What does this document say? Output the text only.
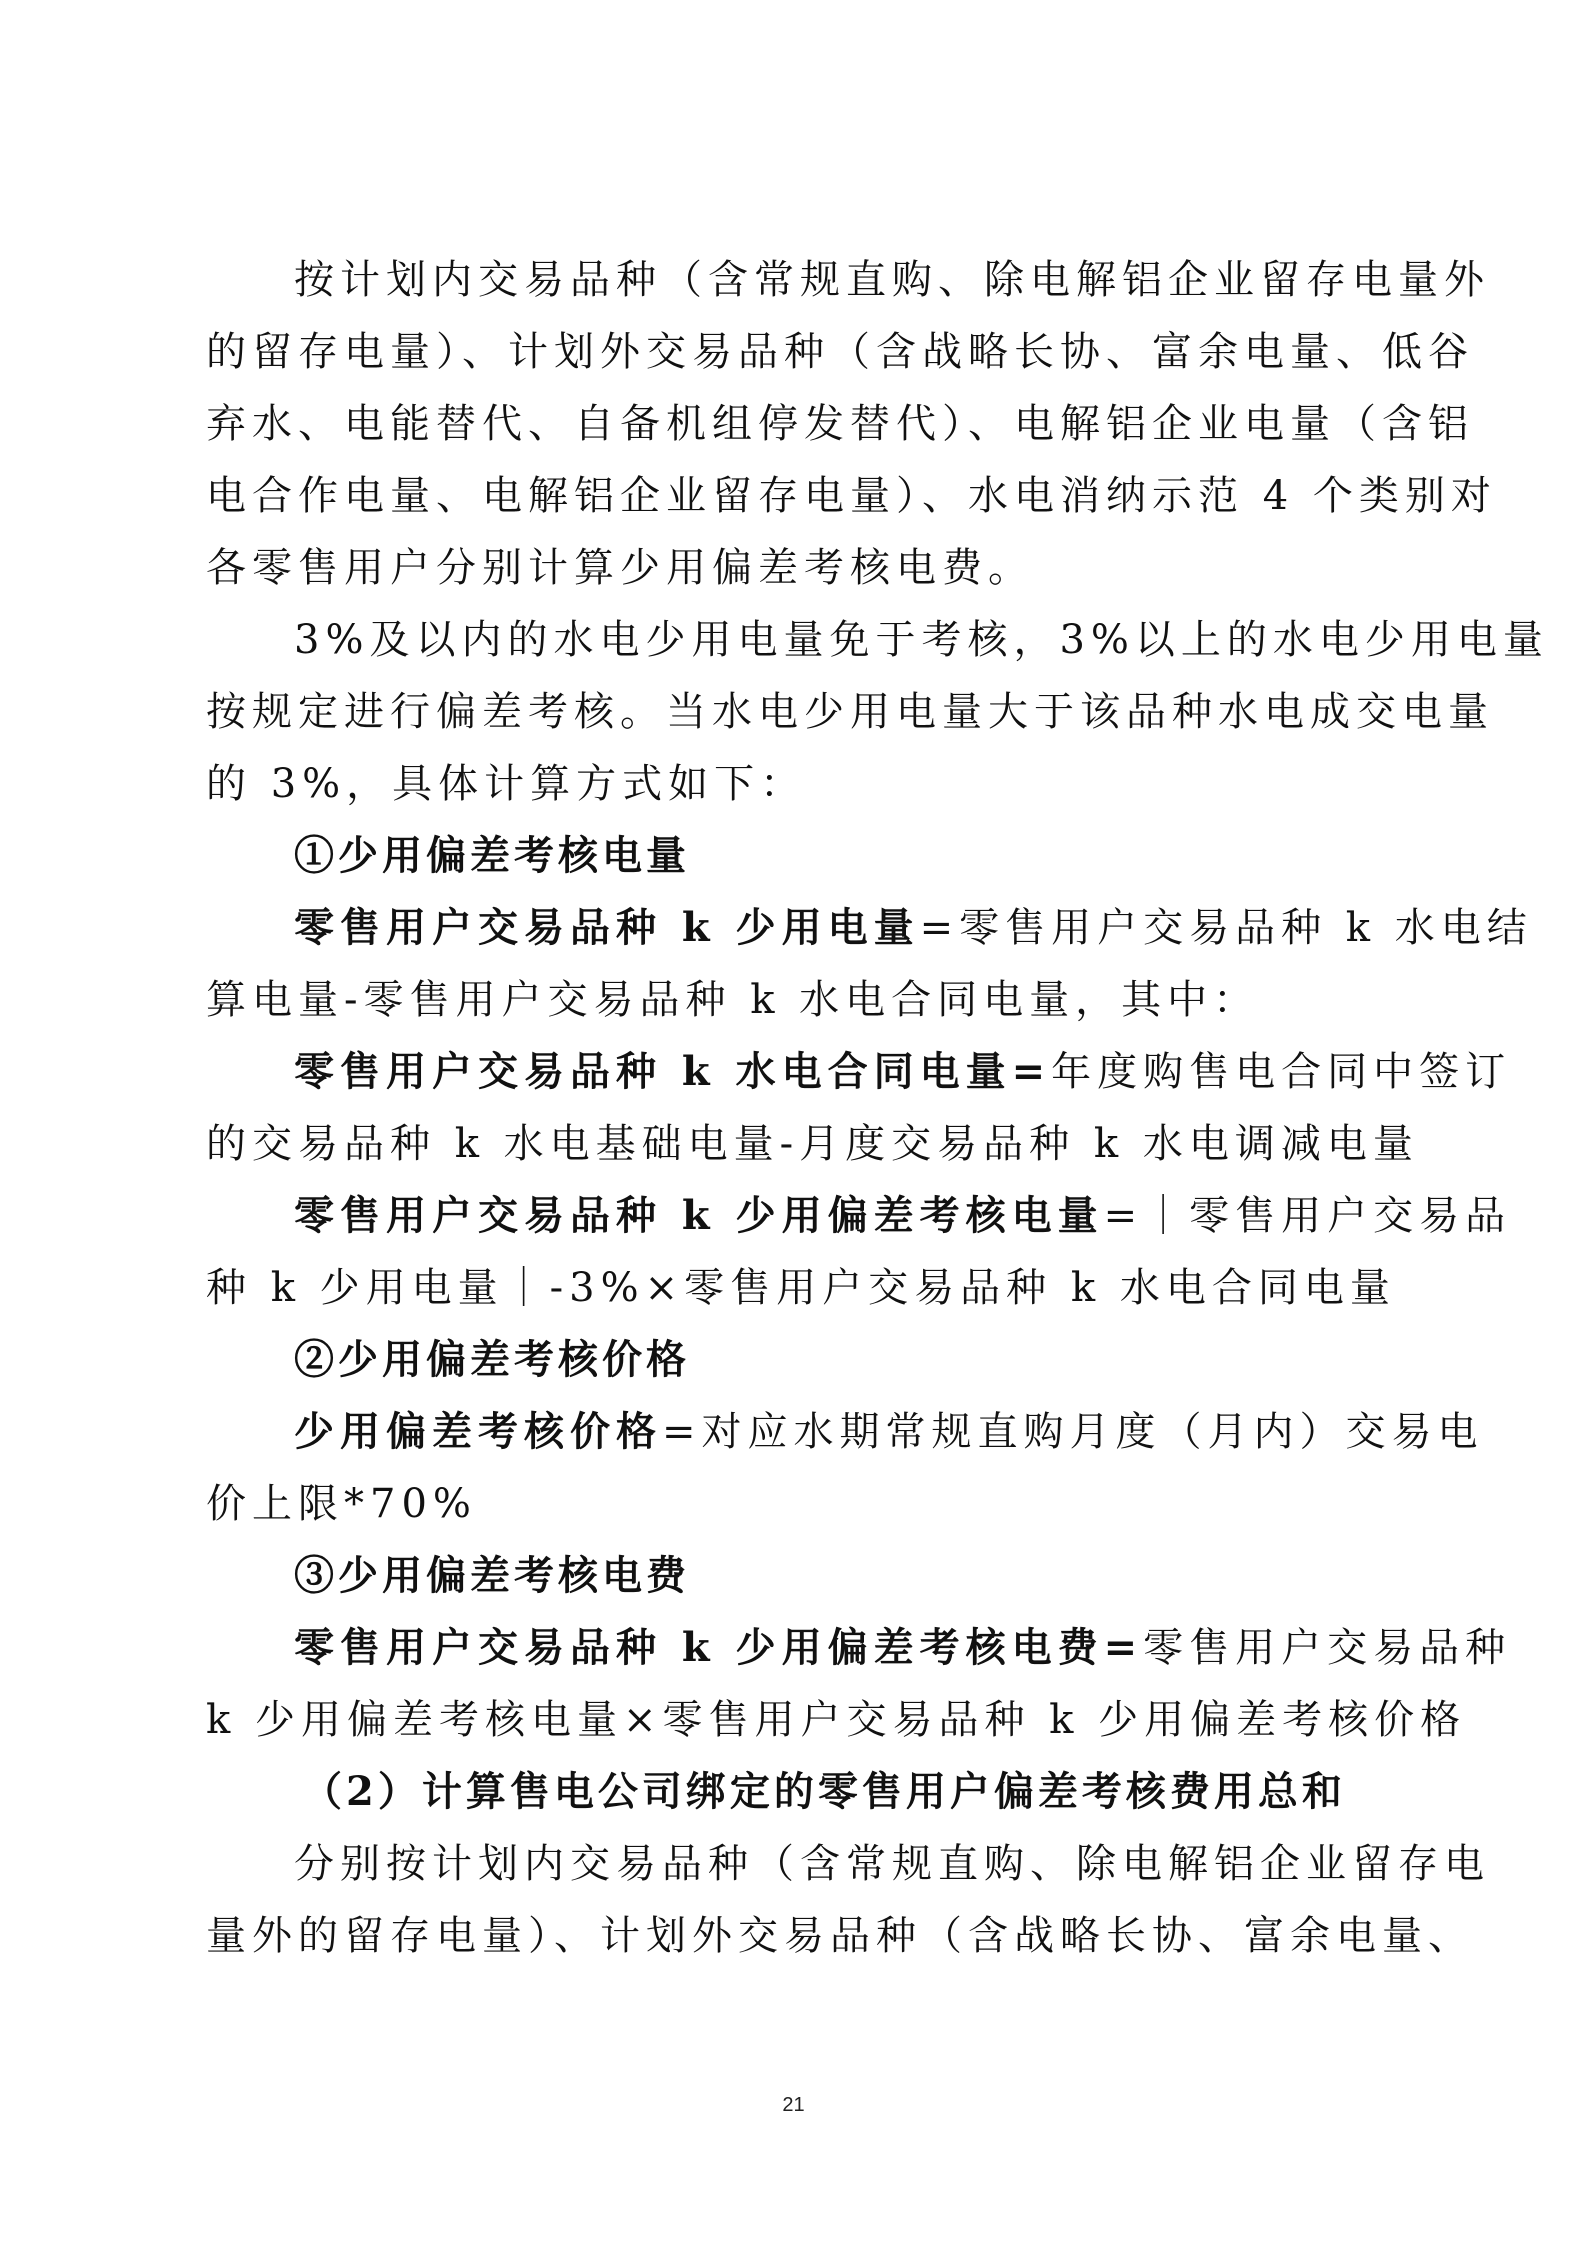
按计划内交易品种（含常规直购、除电解铝企业留存电量外
的留存电量）、计划外交易品种（含战略长协、富余电量、低谷
弃水、电能替代、自备机组停发替代）、电解铝企业电量（含铝
电合作电量、电解铝企业留存电量）、水电消纳示范 4 个类别对
各零售用户分别计算少用偏差考核电费。
3%及以内的水电少用电量免于考核，3%以上的水电少用电量
按规定进行偏差考核。当水电少用电量大于该品种水电成交电量
的 3%，具体计算方式如下：
①少用偏差考核电量
零售用户交易品种 k 少用电量=零售用户交易品种 k 水电结
算电量-零售用户交易品种 k 水电合同电量，其中：
零售用户交易品种 k 水电合同电量=年度购售电合同中签订
的交易品种 k 水电基础电量-月度交易品种 k 水电调减电量
零售用户交易品种 k 少用偏差考核电量=｜零售用户交易品
种 k 少用电量｜-3%×零售用户交易品种 k 水电合同电量
②少用偏差考核价格
少用偏差考核价格=对应水期常规直购月度（月内）交易电
价上限*70%
③少用偏差考核电费
零售用户交易品种 k 少用偏差考核电费=零售用户交易品种
k 少用偏差考核电量×零售用户交易品种 k 少用偏差考核价格
（2）计算售电公司绑定的零售用户偏差考核费用总和
分别按计划内交易品种（含常规直购、除电解铝企业留存电
量外的留存电量）、计划外交易品种（含战略长协、富余电量、
21
